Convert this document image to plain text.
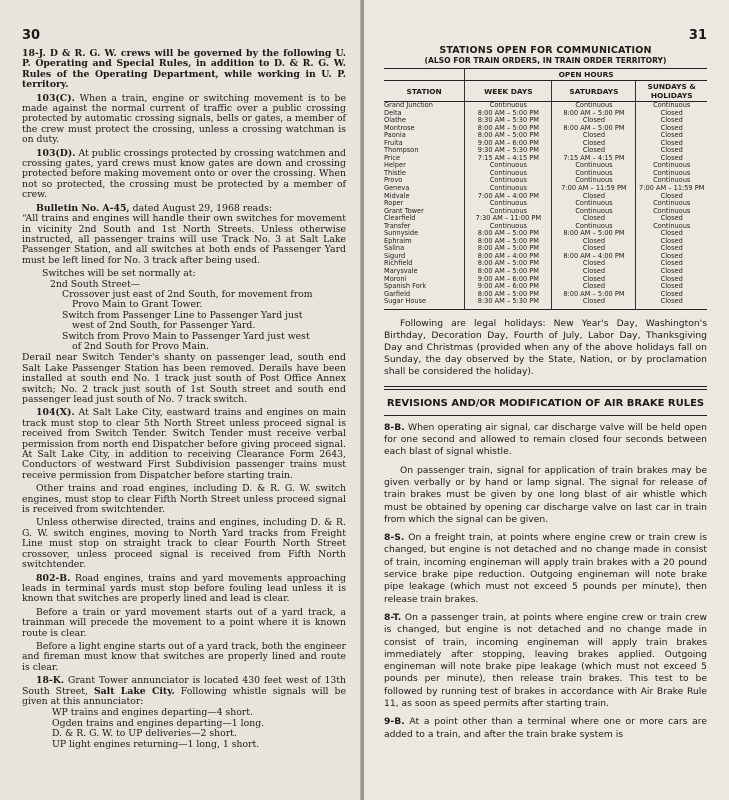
30

18-J. D & R. G. W. crews will be governed by the following U. P. Operating and Special Rules, in addition to D. & R. G. W. Rules of the Operating Department, while working in U. P. territory.

103(C). When a train, engine or switching movement is to be made against the normal current of traffic over a public crossing protected by automatic crossing signals, bells or gates, a member of the crew must protect the crossing, unless a crossing watchman is on duty.

103(D). At public crossings protected by crossing watchmen and crossing gates, yard crews must know gates are down and crossing protected before making movement onto or over the crossing. When not so protected, the crossing must be protected by a member of crew.

Bulletin No. A-45, dated August 29, 1968 reads:

“All trains and engines will handle their own switches for movement in vicinity 2nd South and 1st North Streets. Unless otherwise instructed, all passenger trains will use Track No. 3 at Salt Lake Passenger Station, and all switches at both ends of Passenger Yard must be left lined for No. 3 track after being used.

Switches will be set normally at:
2nd South Street—
Crossover just east of 2nd South, for movement from
Provo Main to Grant Tower.
Switch from Passenger Line to Passenger Yard just
west of 2nd South, for Passenger Yard.
Switch from Provo Main to Passenger Yard just west
of 2nd South for Provo Main.

Derail near Switch Tender's shanty on passenger lead, south end Salt Lake Passenger Station has been removed. Derails have been installed at south end No. 1 track just south of Post Office Annex switch; No. 2 track just south of 1st South street and south end passenger lead just south of No. 7 track switch.

104(X). At Salt Lake City, eastward trains and engines on main track must stop to clear 5th North Street unless proceed signal is received from Switch Tender. Switch Tender must receive verbal permission from north end Dispatcher before giving proceed signal. At Salt Lake City, in addition to receiving Clearance Form 2643, Conductors of westward First Subdivision passenger trains must receive permission from Dispatcher before starting train.

Other trains and road engines, including D. & R. G. W. switch engines, must stop to clear Fifth North Street unless proceed signal is received from switchtender.

Unless otherwise directed, trains and engines, including D. & R. G. W. switch engines, moving to North Yard tracks from Freight Line must stop on straight track to clear Fourth North Street crossover, unless proceed signal is received from Fifth North switchtender.

802-B. Road engines, trains and yard movements approaching leads in terminal yards must stop before fouling lead unless it is known that switches are properly lined and lead is clear.

Before a train or yard movement starts out of a yard track, a trainman will precede the movement to a point where it is known route is clear.

Before a light engine starts out of a yard track, both the engineer and fireman must know that switches are properly lined and route is clear.

18-K. Grant Tower annunciator is located 430 feet west of 13th South Street, Salt Lake City. Following whistle signals will be given at this annunciator:

WP trains and engines departing—4 short.
Ogden trains and engines departing—1 long.
D. & R. G. W. to UP deliveries—2 short.
UP light engines returning—1 long, 1 short.
31
STATIONS OPEN FOR COMMUNICATION
(ALSO FOR TRAIN ORDERS, IN TRAIN ORDER TERRITORY)
	OPEN HOURS		
STATION	WEEK DAYS	SATURDAYS	SUNDAYS & HOLIDAYS
Grand Junction	Continuous	Continuous	Continuous
Delta	8:00 AM – 5:00 PM	8:00 AM – 5:00 PM	Closed
Olathe	8:30 AM – 5:30 PM	Closed	Closed
Montrose	8:00 AM – 5:00 PM	8:00 AM – 5:00 PM	Closed
Paonia	8:00 AM – 5:00 PM	Closed	Closed
Fruita	9:00 AM – 6:00 PM	Closed	Closed
Thompson	9:30 AM – 5:30 PM	Closed	Closed
Price	7:15 AM – 4:15 PM	7:15 AM – 4:15 PM	Closed
Helper	Continuous	Continuous	Continuous
Thistle	Continuous	Continuous	Continuous
Provo	Continuous	Continuous	Continuous
Geneva	Continuous	7:00 AM – 11:59 PM	7:00 AM – 11:59 PM
Midvale	7:00 AM – 4:00 PM	Closed	Closed
Roper	Continuous	Continuous	Continuous
Grant Tower	Continuous	Continuous	Continuous
Clearfield	7:30 AM – 11:00 PM	Closed	Closed
Transfer	Continuous	Continuous	Continuous
Sunnyside	8:00 AM – 5:00 PM	8:00 AM – 5:00 PM	Closed
Ephraim	8:00 AM – 5:00 PM	Closed	Closed
Salina	8:00 AM – 5:00 PM	Closed	Closed
Sigurd	8:00 AM – 4:00 PM	8:00 AM – 4:00 PM	Closed
Richfield	8:00 AM – 5:00 PM	Closed	Closed
Marysvale	8:00 AM – 5:00 PM	Closed	Closed
Moroni	9:00 AM – 6:00 PM	Closed	Closed
Spanish Fork	9:00 AM – 6:00 PM	Closed	Closed
Garfield	8:00 AM – 5:00 PM	8:00 AM – 5:00 PM	Closed
Sugar House	8:30 AM – 5:30 PM	Closed	Closed
Following are legal holidays: New Year's Day, Washington's Birthday, Decoration Day, Fourth of July, Labor Day, Thanksgiving Day and Christmas (provided when any of the above holidays fall on Sunday, the day observed by the State, Nation, or by proclamation shall be considered the holiday).
REVISIONS AND/OR MODIFICATION OF AIR BRAKE RULES

8-B. When operating air signal, car discharge valve will be held open for one second and allowed to remain closed four seconds between each blast of signal whistle.

On passenger train, signal for application of train brakes may be given verbally or by hand or lamp signal. The signal for release of train brakes must be given by one long blast of air whistle which must be obtained by opening car discharge valve on last car in train from which the signal can be given.

8-S. On a freight train, at points where engine crew or train crew is changed, but engine is not detached and no change made in consist of train, incoming engineman will apply train brakes with a 20 pound service brake pipe reduction. Outgoing engineman will note brake pipe leakage (which must not exceed 5 pounds per minute), then release train brakes.

8-T. On a passenger train, at points where engine crew or train crew is changed, but engine is not detached and no change made in consist of train, incoming engineman will apply train brakes immediately after stopping, leaving brakes applied. Outgoing engineman will note brake pipe leakage (which must not exceed 5 pounds per minute), then release train brakes. This test to be followed by running test of brakes in accordance with Air Brake Rule 11, as soon as speed permits after starting train.

9-B. At a point other than a terminal where one or more cars are added to a train, and after the train brake system is
